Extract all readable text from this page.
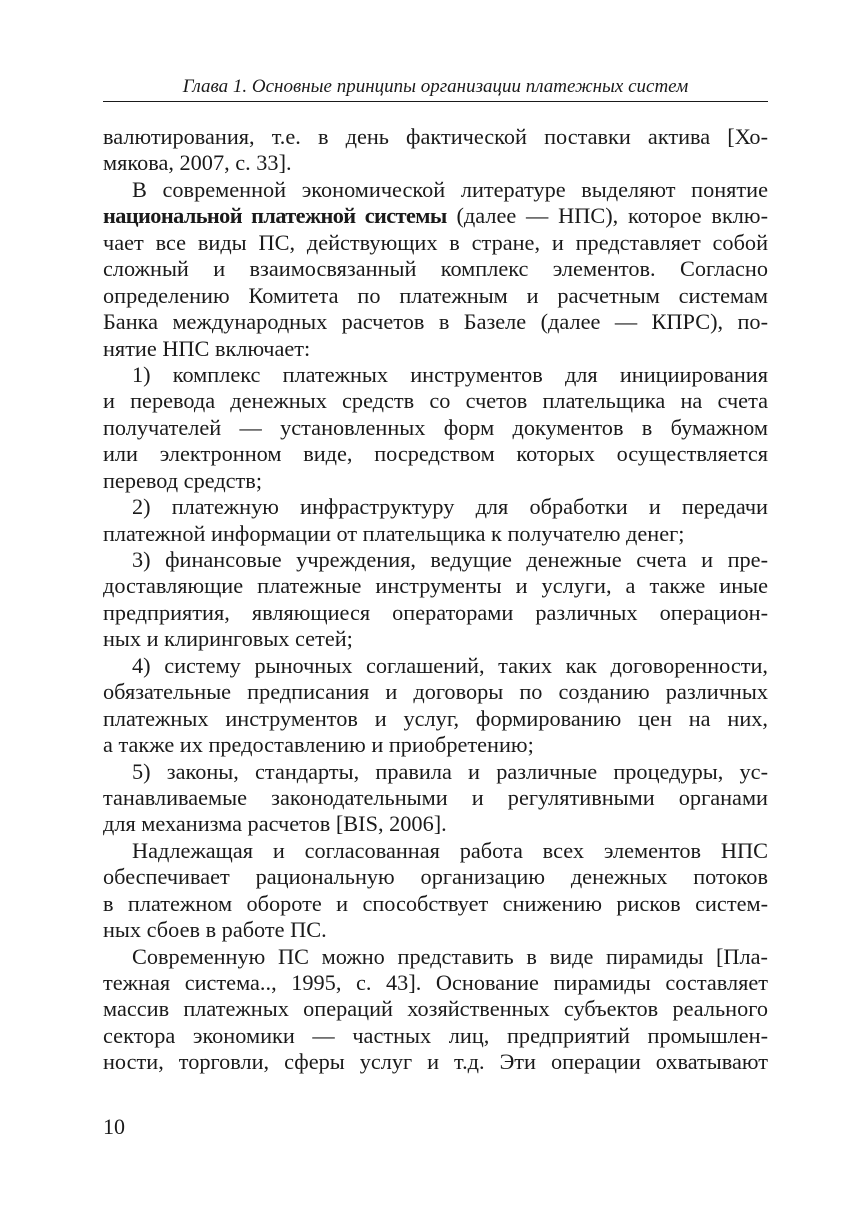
Глава 1. Основные принципы организации платежных систем
валютирования, т.е. в день фактической поставки актива [Хо-
мякова, 2007, с. 33].
В современной экономической литературе выделяют понятие
национальной платежной системы (далее — НПС), которое вклю-
чает все виды ПС, действующих в стране, и представляет собой
сложный и взаимосвязанный комплекс элементов. Согласно
определению Комитета по платежным и расчетным системам
Банка международных расчетов в Базеле (далее — КПРС), по-
нятие НПС включает:
1) комплекс платежных инструментов для инициирования
и перевода денежных средств со счетов плательщика на счета
получателей — установленных форм документов в бумажном
или электронном виде, посредством которых осуществляется
перевод средств;
2) платежную инфраструктуру для обработки и передачи
платежной информации от плательщика к получателю денег;
3) финансовые учреждения, ведущие денежные счета и пре-
доставляющие платежные инструменты и услуги, а также иные
предприятия, являющиеся операторами различных операцион-
ных и клиринговых сетей;
4) систему рыночных соглашений, таких как договоренности,
обязательные предписания и договоры по созданию различных
платежных инструментов и услуг, формированию цен на них,
а также их предоставлению и приобретению;
5) законы, стандарты, правила и различные процедуры, ус-
танавливаемые законодательными и регулятивными органами
для механизма расчетов [BIS, 2006].
Надлежащая и согласованная работа всех элементов НПС
обеспечивает рациональную организацию денежных потоков
в платежном обороте и способствует снижению рисков систем-
ных сбоев в работе ПС.
Современную ПС можно представить в виде пирамиды [Пла-
тежная система.., 1995, с. 43]. Основание пирамиды составляет
массив платежных операций хозяйственных субъектов реального
сектора экономики — частных лиц, предприятий промышлен-
ности, торговли, сферы услуг и т.д. Эти операции охватывают
10
